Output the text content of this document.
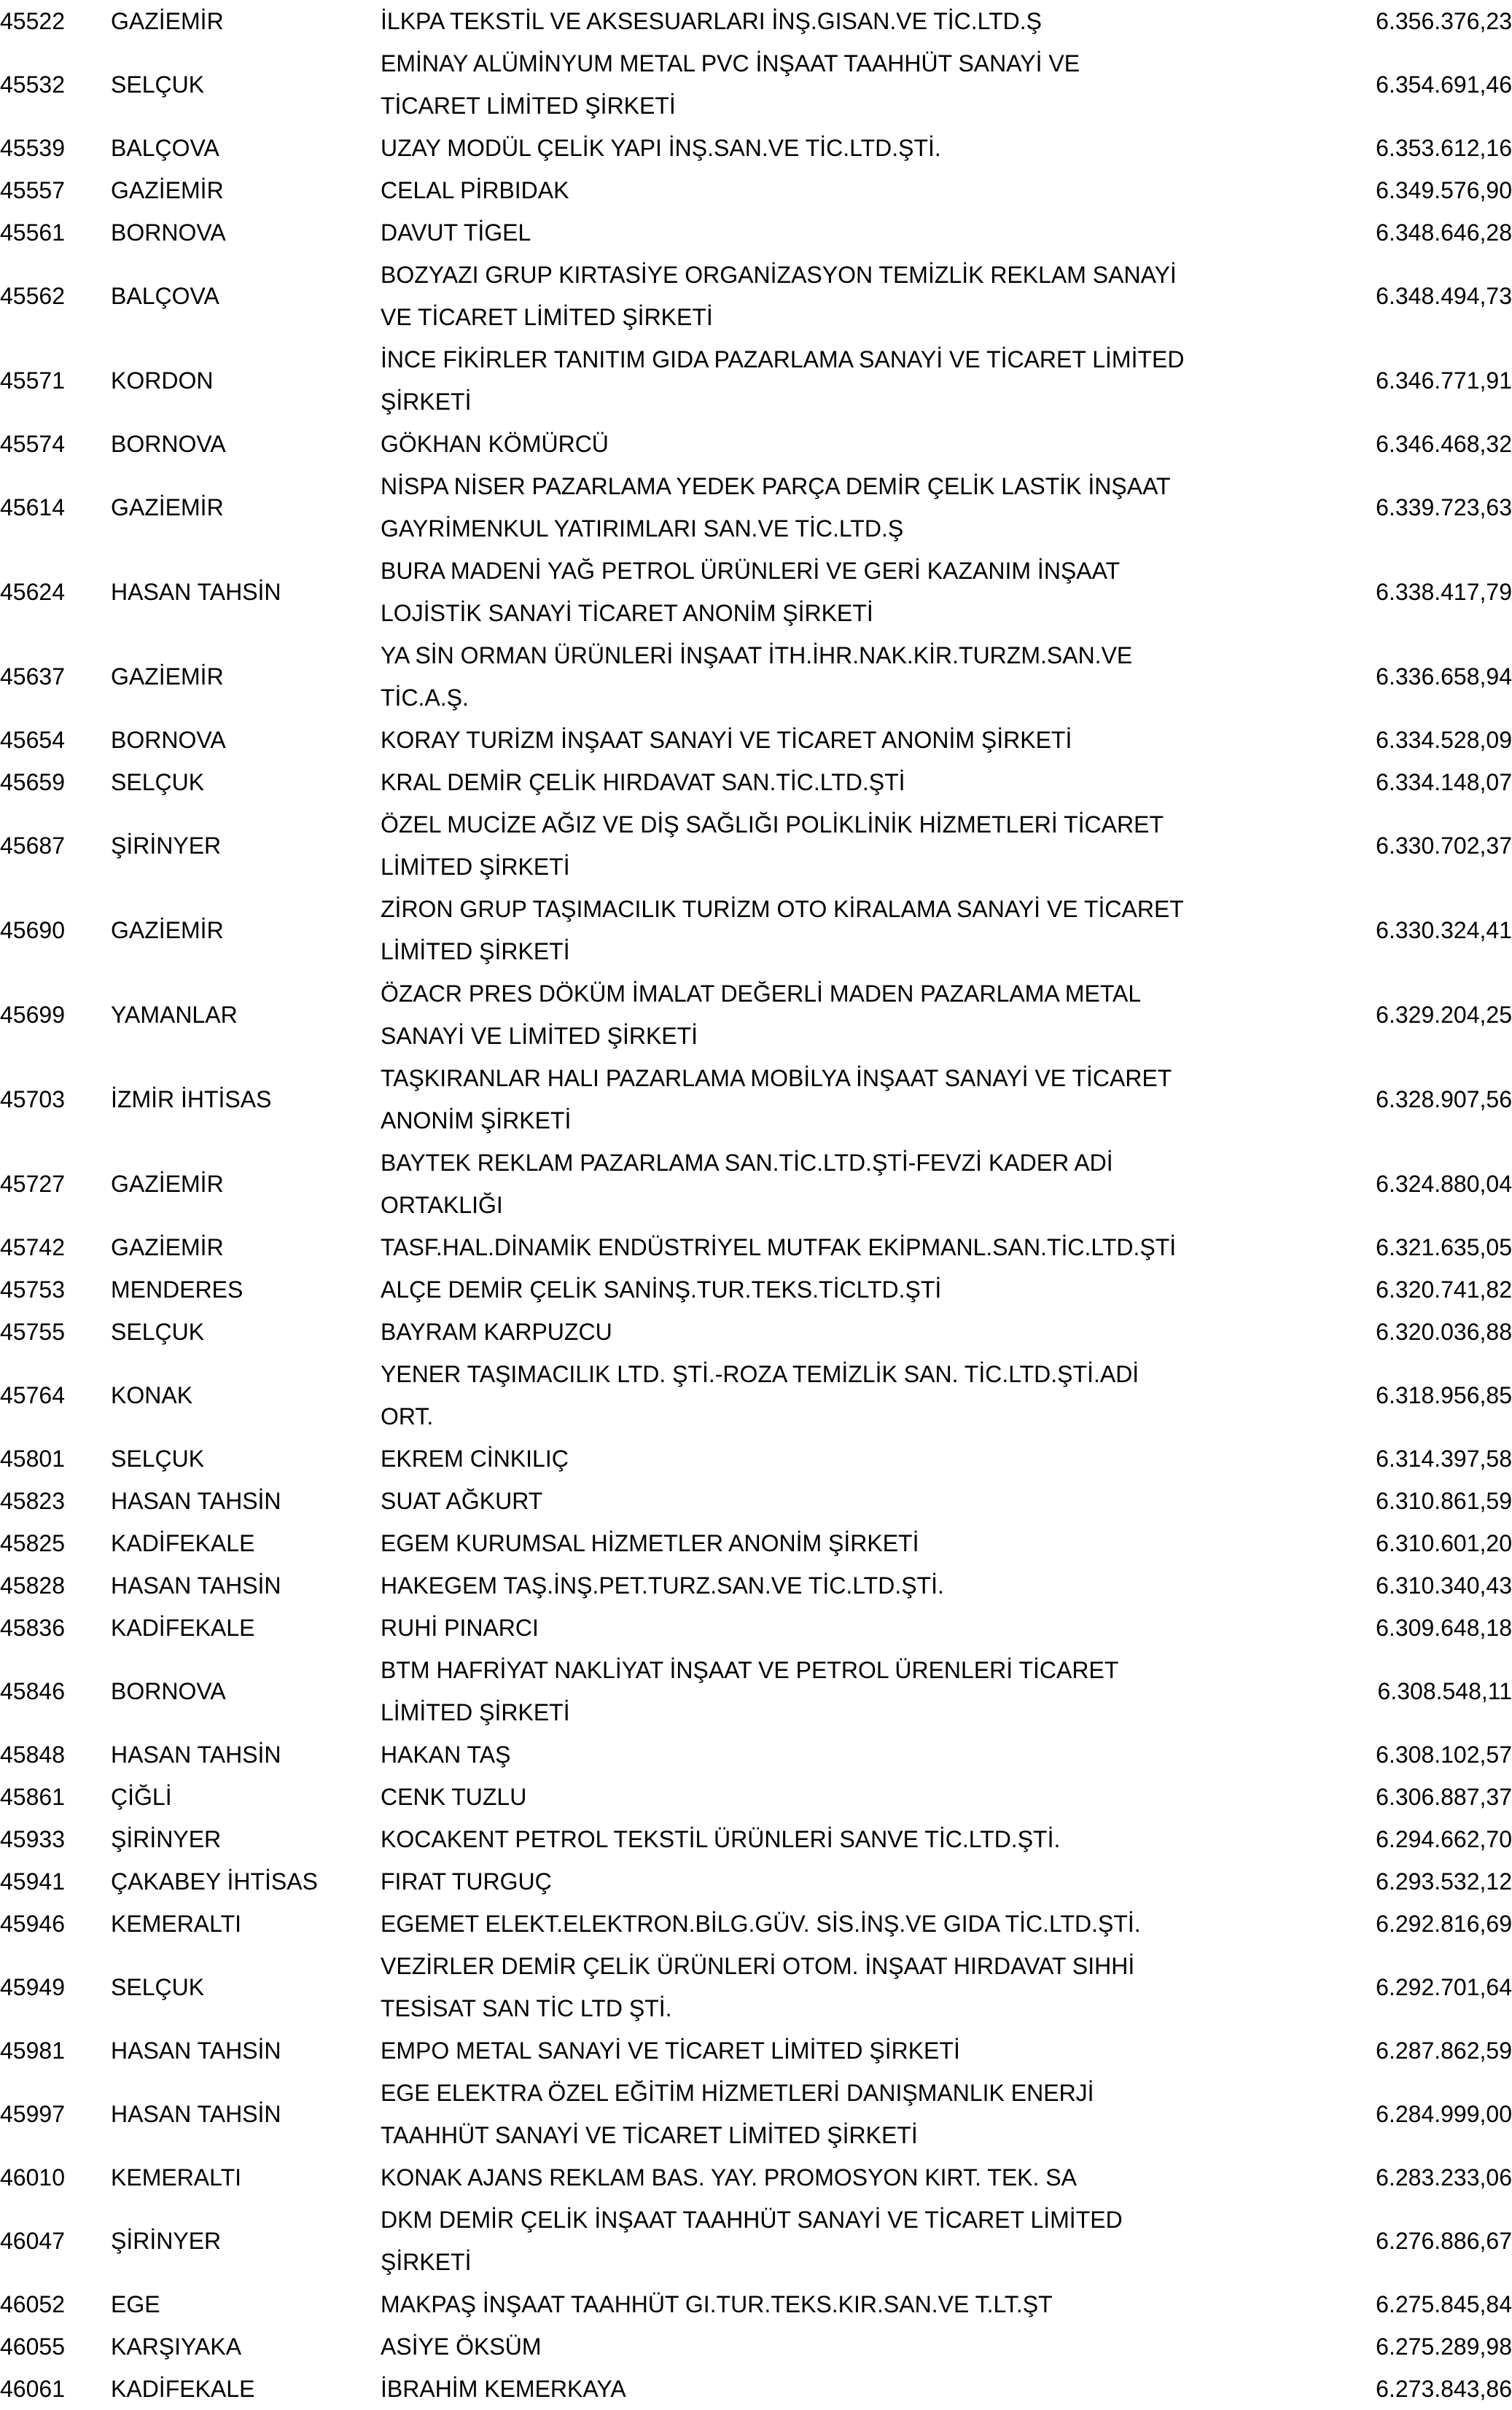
45522	GAZİEMİR	İLKPA TEKSTİL VE AKSESUARLARI İNŞ.GISAN.VE TİC.LTD.Ş	6.356.376,23
45532	SELÇUK	EMİNAY ALÜMİNYUM METAL PVC İNŞAAT TAAHHÜT SANAYİ VE
TİCARET LİMİTED ŞİRKETİ	6.354.691,46
45539	BALÇOVA	UZAY MODÜL ÇELİK YAPI İNŞ.SAN.VE TİC.LTD.ŞTİ.	6.353.612,16
45557	GAZİEMİR	CELAL PİRBIDAK	6.349.576,90
45561	BORNOVA	DAVUT TİGEL	6.348.646,28
45562	BALÇOVA	BOZYAZI GRUP KIRTASİYE ORGANİZASYON TEMİZLİK REKLAM SANAYİ
VE TİCARET LİMİTED ŞİRKETİ	6.348.494,73
45571	KORDON	İNCE FİKİRLER TANITIM GIDA PAZARLAMA SANAYİ VE TİCARET LİMİTED
ŞİRKETİ	6.346.771,91
45574	BORNOVA	GÖKHAN KÖMÜRCÜ	6.346.468,32
45614	GAZİEMİR	NİSPA NİSER PAZARLAMA YEDEK PARÇA DEMİR ÇELİK LASTİK İNŞAAT
GAYRİMENKUL YATIRIMLARI SAN.VE TİC.LTD.Ş	6.339.723,63
45624	HASAN TAHSİN	BURA MADENİ YAĞ PETROL ÜRÜNLERİ VE GERİ KAZANIM İNŞAAT
LOJİSTİK SANAYİ TİCARET ANONİM ŞİRKETİ	6.338.417,79
45637	GAZİEMİR	YA SİN ORMAN ÜRÜNLERİ İNŞAAT İTH.İHR.NAK.KİR.TURZM.SAN.VE
TİC.A.Ş.	6.336.658,94
45654	BORNOVA	KORAY TURİZM İNŞAAT SANAYİ VE TİCARET ANONİM ŞİRKETİ	6.334.528,09
45659	SELÇUK	KRAL DEMİR ÇELİK HIRDAVAT SAN.TİC.LTD.ŞTİ	6.334.148,07
45687	ŞİRİNYER	ÖZEL MUCİZE AĞIZ VE DİŞ SAĞLIĞI POLİKLİNİK HİZMETLERİ TİCARET
LİMİTED ŞİRKETİ	6.330.702,37
45690	GAZİEMİR	ZİRON GRUP TAŞIMACILIK TURİZM OTO KİRALAMA SANAYİ VE TİCARET
LİMİTED ŞİRKETİ	6.330.324,41
45699	YAMANLAR	ÖZACR PRES DÖKÜM İMALAT DEĞERLİ MADEN PAZARLAMA METAL
SANAYİ VE LİMİTED ŞİRKETİ	6.329.204,25
45703	İZMİR İHTİSAS	TAŞKIRANLAR HALI PAZARLAMA MOBİLYA İNŞAAT SANAYİ VE TİCARET
ANONİM ŞİRKETİ	6.328.907,56
45727	GAZİEMİR	BAYTEK REKLAM PAZARLAMA SAN.TİC.LTD.ŞTİ-FEVZİ KADER ADİ
ORTAKLIĞI	6.324.880,04
45742	GAZİEMİR	TASF.HAL.DİNAMİK ENDÜSTRİYEL MUTFAK EKİPMANL.SAN.TİC.LTD.ŞTİ	6.321.635,05
45753	MENDERES	ALÇE DEMİR ÇELİK SANİNŞ.TUR.TEKS.TİCLTD.ŞTİ	6.320.741,82
45755	SELÇUK	BAYRAM KARPUZCU	6.320.036,88
45764	KONAK	YENER TAŞIMACILIK LTD. ŞTİ.-ROZA TEMİZLİK SAN. TİC.LTD.ŞTİ.ADİ
ORT.	6.318.956,85
45801	SELÇUK	EKREM CİNKILIÇ	6.314.397,58
45823	HASAN TAHSİN	SUAT AĞKURT	6.310.861,59
45825	KADİFEKALE	EGEM KURUMSAL HİZMETLER ANONİM ŞİRKETİ	6.310.601,20
45828	HASAN TAHSİN	HAKEGEM TAŞ.İNŞ.PET.TURZ.SAN.VE TİC.LTD.ŞTİ.	6.310.340,43
45836	KADİFEKALE	RUHİ PINARCI	6.309.648,18
45846	BORNOVA	BTM HAFRİYAT NAKLİYAT İNŞAAT VE PETROL ÜRENLERİ TİCARET
LİMİTED ŞİRKETİ	6.308.548,11
45848	HASAN TAHSİN	HAKAN TAŞ	6.308.102,57
45861	ÇİĞLİ	CENK TUZLU	6.306.887,37
45933	ŞİRİNYER	KOCAKENT PETROL TEKSTİL ÜRÜNLERİ SANVE TİC.LTD.ŞTİ.	6.294.662,70
45941	ÇAKABEY İHTİSAS	FIRAT TURGUÇ	6.293.532,12
45946	KEMERALTI	EGEMET ELEKT.ELEKTRON.BİLG.GÜV. SİS.İNŞ.VE GIDA TİC.LTD.ŞTİ.	6.292.816,69
45949	SELÇUK	VEZİRLER DEMİR ÇELİK ÜRÜNLERİ OTOM. İNŞAAT HIRDAVAT SIHHİ
TESİSAT SAN TİC LTD ŞTİ.	6.292.701,64
45981	HASAN TAHSİN	EMPO METAL SANAYİ VE TİCARET LİMİTED ŞİRKETİ	6.287.862,59
45997	HASAN TAHSİN	EGE ELEKTRA ÖZEL EĞİTİM HİZMETLERİ DANIŞMANLIK ENERJİ
TAAHHÜT SANAYİ VE TİCARET LİMİTED ŞİRKETİ	6.284.999,00
46010	KEMERALTI	KONAK AJANS REKLAM BAS. YAY. PROMOSYON KIRT. TEK. SA	6.283.233,06
46047	ŞİRİNYER	DKM DEMİR ÇELİK İNŞAAT TAAHHÜT SANAYİ VE TİCARET LİMİTED
ŞİRKETİ	6.276.886,67
46052	EGE	MAKPAŞ İNŞAAT TAAHHÜT GI.TUR.TEKS.KIR.SAN.VE T.LT.ŞT	6.275.845,84
46055	KARŞIYAKA	ASİYE ÖKSÜM	6.275.289,98
46061	KADİFEKALE	İBRAHİM KEMERKAYA	6.273.843,86
